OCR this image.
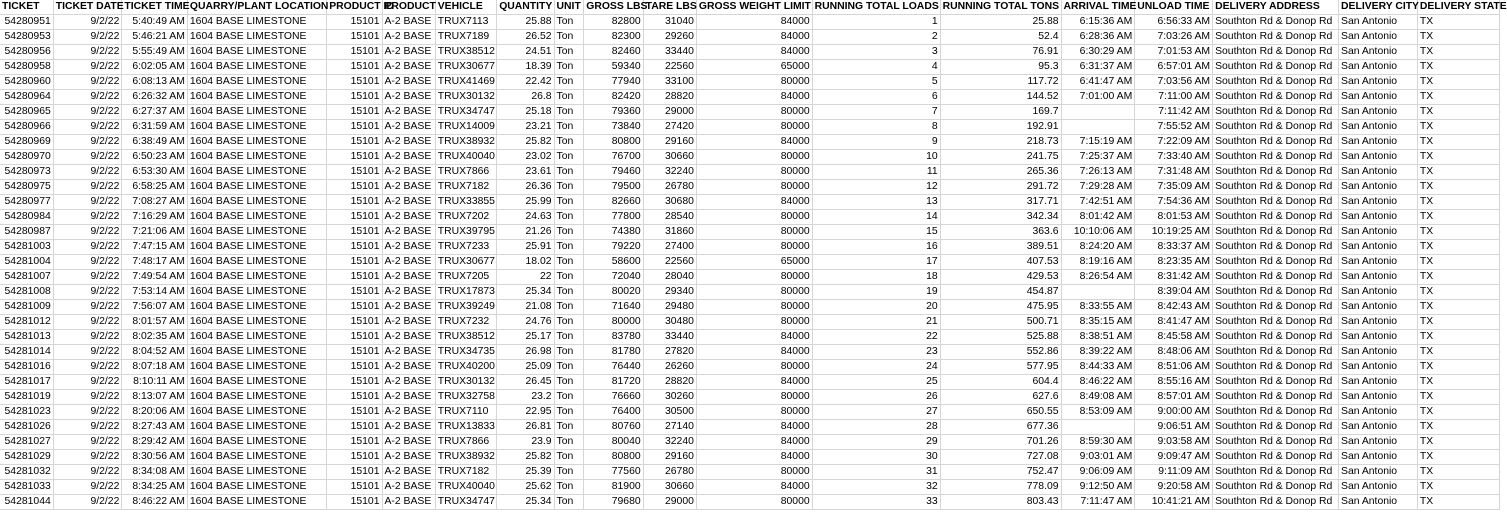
TICKET	TICKET DATE	TICKET TIME	QUARRY/PLANT LOCATION	PRODUCT ID	PRODUCT	VEHICLE	QUANTITY	UNIT	GROSS LBS	TARE LBS	GROSS WEIGHT LIMIT	RUNNING TOTAL LOADS	RUNNING TOTAL TONS	ARRIVAL TIME	UNLOAD TIME	DELIVERY ADDRESS	DELIVERY CITY	DELIVERY STATE
54280951	9/2/22	5:40:49 AM	1604 BASE LIMESTONE	15101	A-2 BASE	TRUX7113	25.88	Ton	82800	31040	84000	1	25.88	6:15:36 AM	6:56:33 AM	Southton Rd & Donop Rd	San Antonio	TX
54280953	9/2/22	5:46:21 AM	1604 BASE LIMESTONE	15101	A-2 BASE	TRUX7189	26.52	Ton	82300	29260	84000	2	52.4	6:28:36 AM	7:03:26 AM	Southton Rd & Donop Rd	San Antonio	TX
54280956	9/2/22	5:55:49 AM	1604 BASE LIMESTONE	15101	A-2 BASE	TRUX38512	24.51	Ton	82460	33440	84000	3	76.91	6:30:29 AM	7:01:53 AM	Southton Rd & Donop Rd	San Antonio	TX
54280958	9/2/22	6:02:05 AM	1604 BASE LIMESTONE	15101	A-2 BASE	TRUX30677	18.39	Ton	59340	22560	65000	4	95.3	6:31:37 AM	6:57:01 AM	Southton Rd & Donop Rd	San Antonio	TX
54280960	9/2/22	6:08:13 AM	1604 BASE LIMESTONE	15101	A-2 BASE	TRUX41469	22.42	Ton	77940	33100	80000	5	117.72	6:41:47 AM	7:03:56 AM	Southton Rd & Donop Rd	San Antonio	TX
54280964	9/2/22	6:26:32 AM	1604 BASE LIMESTONE	15101	A-2 BASE	TRUX30132	26.8	Ton	82420	28820	84000	6	144.52	7:01:00 AM	7:11:00 AM	Southton Rd & Donop Rd	San Antonio	TX
54280965	9/2/22	6:27:37 AM	1604 BASE LIMESTONE	15101	A-2 BASE	TRUX34747	25.18	Ton	79360	29000	80000	7	169.7		7:11:42 AM	Southton Rd & Donop Rd	San Antonio	TX
54280966	9/2/22	6:31:59 AM	1604 BASE LIMESTONE	15101	A-2 BASE	TRUX14009	23.21	Ton	73840	27420	80000	8	192.91		7:55:52 AM	Southton Rd & Donop Rd	San Antonio	TX
54280969	9/2/22	6:38:49 AM	1604 BASE LIMESTONE	15101	A-2 BASE	TRUX38932	25.82	Ton	80800	29160	84000	9	218.73	7:15:19 AM	7:22:09 AM	Southton Rd & Donop Rd	San Antonio	TX
54280970	9/2/22	6:50:23 AM	1604 BASE LIMESTONE	15101	A-2 BASE	TRUX40040	23.02	Ton	76700	30660	80000	10	241.75	7:25:37 AM	7:33:40 AM	Southton Rd & Donop Rd	San Antonio	TX
54280973	9/2/22	6:53:30 AM	1604 BASE LIMESTONE	15101	A-2 BASE	TRUX7866	23.61	Ton	79460	32240	80000	11	265.36	7:26:13 AM	7:31:48 AM	Southton Rd & Donop Rd	San Antonio	TX
54280975	9/2/22	6:58:25 AM	1604 BASE LIMESTONE	15101	A-2 BASE	TRUX7182	26.36	Ton	79500	26780	80000	12	291.72	7:29:28 AM	7:35:09 AM	Southton Rd & Donop Rd	San Antonio	TX
54280977	9/2/22	7:08:27 AM	1604 BASE LIMESTONE	15101	A-2 BASE	TRUX33855	25.99	Ton	82660	30680	84000	13	317.71	7:42:51 AM	7:54:36 AM	Southton Rd & Donop Rd	San Antonio	TX
54280984	9/2/22	7:16:29 AM	1604 BASE LIMESTONE	15101	A-2 BASE	TRUX7202	24.63	Ton	77800	28540	80000	14	342.34	8:01:42 AM	8:01:53 AM	Southton Rd & Donop Rd	San Antonio	TX
54280987	9/2/22	7:21:06 AM	1604 BASE LIMESTONE	15101	A-2 BASE	TRUX39795	21.26	Ton	74380	31860	80000	15	363.6	10:10:06 AM	10:19:25 AM	Southton Rd & Donop Rd	San Antonio	TX
54281003	9/2/22	7:47:15 AM	1604 BASE LIMESTONE	15101	A-2 BASE	TRUX7233	25.91	Ton	79220	27400	80000	16	389.51	8:24:20 AM	8:33:37 AM	Southton Rd & Donop Rd	San Antonio	TX
54281004	9/2/22	7:48:17 AM	1604 BASE LIMESTONE	15101	A-2 BASE	TRUX30677	18.02	Ton	58600	22560	65000	17	407.53	8:19:16 AM	8:23:35 AM	Southton Rd & Donop Rd	San Antonio	TX
54281007	9/2/22	7:49:54 AM	1604 BASE LIMESTONE	15101	A-2 BASE	TRUX7205	22	Ton	72040	28040	80000	18	429.53	8:26:54 AM	8:31:42 AM	Southton Rd & Donop Rd	San Antonio	TX
54281008	9/2/22	7:53:14 AM	1604 BASE LIMESTONE	15101	A-2 BASE	TRUX17873	25.34	Ton	80020	29340	80000	19	454.87		8:39:04 AM	Southton Rd & Donop Rd	San Antonio	TX
54281009	9/2/22	7:56:07 AM	1604 BASE LIMESTONE	15101	A-2 BASE	TRUX39249	21.08	Ton	71640	29480	80000	20	475.95	8:33:55 AM	8:42:43 AM	Southton Rd & Donop Rd	San Antonio	TX
54281012	9/2/22	8:01:57 AM	1604 BASE LIMESTONE	15101	A-2 BASE	TRUX7232	24.76	Ton	80000	30480	80000	21	500.71	8:35:15 AM	8:41:47 AM	Southton Rd & Donop Rd	San Antonio	TX
54281013	9/2/22	8:02:35 AM	1604 BASE LIMESTONE	15101	A-2 BASE	TRUX38512	25.17	Ton	83780	33440	84000	22	525.88	8:38:51 AM	8:45:58 AM	Southton Rd & Donop Rd	San Antonio	TX
54281014	9/2/22	8:04:52 AM	1604 BASE LIMESTONE	15101	A-2 BASE	TRUX34735	26.98	Ton	81780	27820	84000	23	552.86	8:39:22 AM	8:48:06 AM	Southton Rd & Donop Rd	San Antonio	TX
54281016	9/2/22	8:07:18 AM	1604 BASE LIMESTONE	15101	A-2 BASE	TRUX40200	25.09	Ton	76440	26260	80000	24	577.95	8:44:33 AM	8:51:06 AM	Southton Rd & Donop Rd	San Antonio	TX
54281017	9/2/22	8:10:11 AM	1604 BASE LIMESTONE	15101	A-2 BASE	TRUX30132	26.45	Ton	81720	28820	84000	25	604.4	8:46:22 AM	8:55:16 AM	Southton Rd & Donop Rd	San Antonio	TX
54281019	9/2/22	8:13:07 AM	1604 BASE LIMESTONE	15101	A-2 BASE	TRUX32758	23.2	Ton	76660	30260	80000	26	627.6	8:49:08 AM	8:57:01 AM	Southton Rd & Donop Rd	San Antonio	TX
54281023	9/2/22	8:20:06 AM	1604 BASE LIMESTONE	15101	A-2 BASE	TRUX7110	22.95	Ton	76400	30500	80000	27	650.55	8:53:09 AM	9:00:00 AM	Southton Rd & Donop Rd	San Antonio	TX
54281026	9/2/22	8:27:43 AM	1604 BASE LIMESTONE	15101	A-2 BASE	TRUX13833	26.81	Ton	80760	27140	84000	28	677.36		9:06:51 AM	Southton Rd & Donop Rd	San Antonio	TX
54281027	9/2/22	8:29:42 AM	1604 BASE LIMESTONE	15101	A-2 BASE	TRUX7866	23.9	Ton	80040	32240	84000	29	701.26	8:59:30 AM	9:03:58 AM	Southton Rd & Donop Rd	San Antonio	TX
54281029	9/2/22	8:30:56 AM	1604 BASE LIMESTONE	15101	A-2 BASE	TRUX38932	25.82	Ton	80800	29160	84000	30	727.08	9:03:01 AM	9:09:47 AM	Southton Rd & Donop Rd	San Antonio	TX
54281032	9/2/22	8:34:08 AM	1604 BASE LIMESTONE	15101	A-2 BASE	TRUX7182	25.39	Ton	77560	26780	80000	31	752.47	9:06:09 AM	9:11:09 AM	Southton Rd & Donop Rd	San Antonio	TX
54281033	9/2/22	8:34:25 AM	1604 BASE LIMESTONE	15101	A-2 BASE	TRUX40040	25.62	Ton	81900	30660	84000	32	778.09	9:12:50 AM	9:20:58 AM	Southton Rd & Donop Rd	San Antonio	TX
54281044	9/2/22	8:46:22 AM	1604 BASE LIMESTONE	15101	A-2 BASE	TRUX34747	25.34	Ton	79680	29000	80000	33	803.43	7:11:47 AM	10:41:21 AM	Southton Rd & Donop Rd	San Antonio	TX
